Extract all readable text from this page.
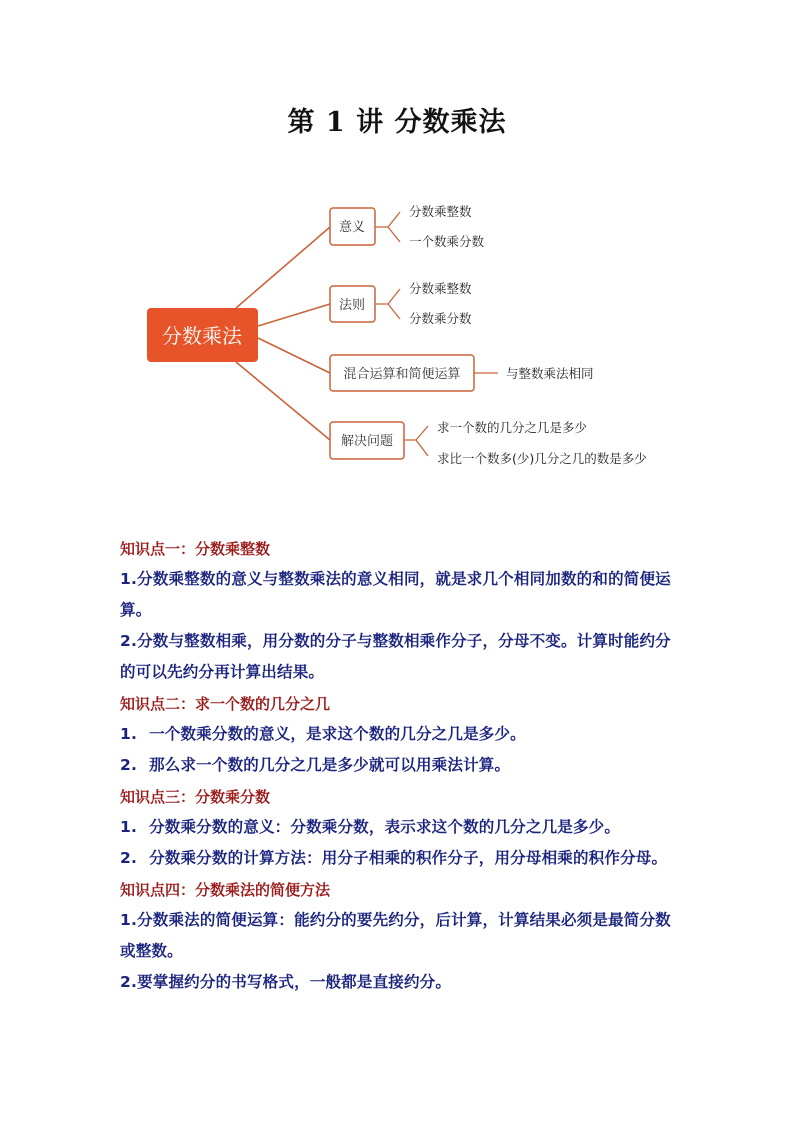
第 1 讲 分数乘法
分数乘法
意义
法则
混合运算和简便运算
解决问题
分数乘整数
一个数乘分数
分数乘整数
分数乘分数
与整数乘法相同
求一个数的几分之几是多少
求比一个数多(少)几分之几的数是多少
知识点一：分数乘整数
1.分数乘整数的意义与整数乘法的意义相同，就是求几个相同加数的和的简便运算。
2.分数与整数相乘，用分数的分子与整数相乘作分子，分母不变。计算时能约分的可以先约分再计算出结果。
知识点二：求一个数的几分之几
1. 一个数乘分数的意义，是求这个数的几分之几是多少。
2. 那么求一个数的几分之几是多少就可以用乘法计算。
知识点三：分数乘分数
1. 分数乘分数的意义：分数乘分数，表示求这个数的几分之几是多少。
2. 分数乘分数的计算方法：用分子相乘的积作分子，用分母相乘的积作分母。
知识点四：分数乘法的简便方法
1.分数乘法的简便运算：能约分的要先约分，后计算，计算结果必须是最简分数或整数。
2.要掌握约分的书写格式，一般都是直接约分。
